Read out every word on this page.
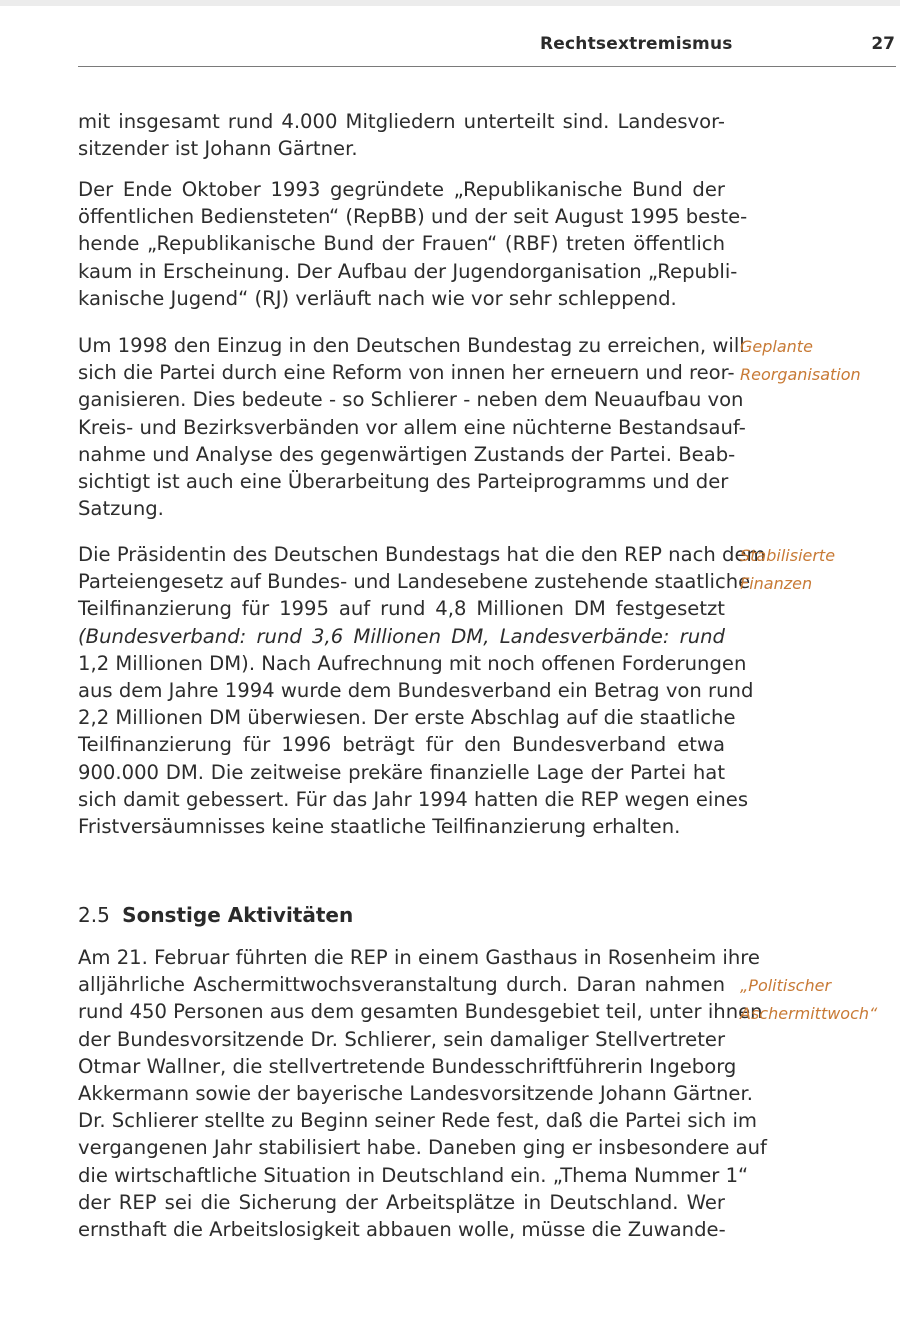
Rechtsextremismus	27

mit insgesamt rund 4.000 Mitgliedern unterteilt sind. Landesvor-
sitzender ist Johann Gärtner.

Der Ende Oktober 1993 gegründete „Republikanische Bund der
öffentlichen Bediensteten“ (RepBB) und der seit August 1995 beste-
hende „Republikanische Bund der Frauen“ (RBF) treten öffentlich
kaum in Erscheinung. Der Aufbau der Jugendorganisation „Republi-
kanische Jugend“ (RJ) verläuft nach wie vor sehr schleppend.

Um 1998 den Einzug in den Deutschen Bundestag zu erreichen, will
sich die Partei durch eine Reform von innen her erneuern und reor-
ganisieren. Dies bedeute - so Schlierer - neben dem Neuaufbau von
Kreis- und Bezirksverbänden vor allem eine nüchterne Bestandsauf-
nahme und Analyse des gegenwärtigen Zustands der Partei. Beab-
sichtigt ist auch eine Überarbeitung des Parteiprogramms und der
Satzung.

Geplante
Reorganisation

Die Präsidentin des Deutschen Bundestags hat die den REP nach dem
Parteiengesetz auf Bundes- und Landesebene zustehende staatliche
Teilfinanzierung für 1995 auf rund 4,8 Millionen DM festgesetzt
(Bundesverband: rund 3,6 Millionen DM, Landesverbände: rund
1,2 Millionen DM). Nach Aufrechnung mit noch offenen Forderungen
aus dem Jahre 1994 wurde dem Bundesverband ein Betrag von rund
2,2 Millionen DM überwiesen. Der erste Abschlag auf die staatliche
Teilfinanzierung für 1996 beträgt für den Bundesverband etwa
900.000 DM. Die zeitweise prekäre finanzielle Lage der Partei hat
sich damit gebessert. Für das Jahr 1994 hatten die REP wegen eines
Fristversäumnisses keine staatliche Teilfinanzierung erhalten.

Stabilisierte
Finanzen
2.5 Sonstige Aktivitäten

Am 21. Februar führten die REP in einem Gasthaus in Rosenheim ihre
alljährliche Aschermittwochsveranstaltung durch. Daran nahmen
rund 450 Personen aus dem gesamten Bundesgebiet teil, unter ihnen
der Bundesvorsitzende Dr. Schlierer, sein damaliger Stellvertreter
Otmar Wallner, die stellvertretende Bundesschriftführerin Ingeborg
Akkermann sowie der bayerische Landesvorsitzende Johann Gärtner.
Dr. Schlierer stellte zu Beginn seiner Rede fest, daß die Partei sich im
vergangenen Jahr stabilisiert habe. Daneben ging er insbesondere auf
die wirtschaftliche Situation in Deutschland ein. „Thema Nummer 1“
der REP sei die Sicherung der Arbeitsplätze in Deutschland. Wer
ernsthaft die Arbeitslosigkeit abbauen wolle, müsse die Zuwande-

„Politischer
Aschermittwoch“
